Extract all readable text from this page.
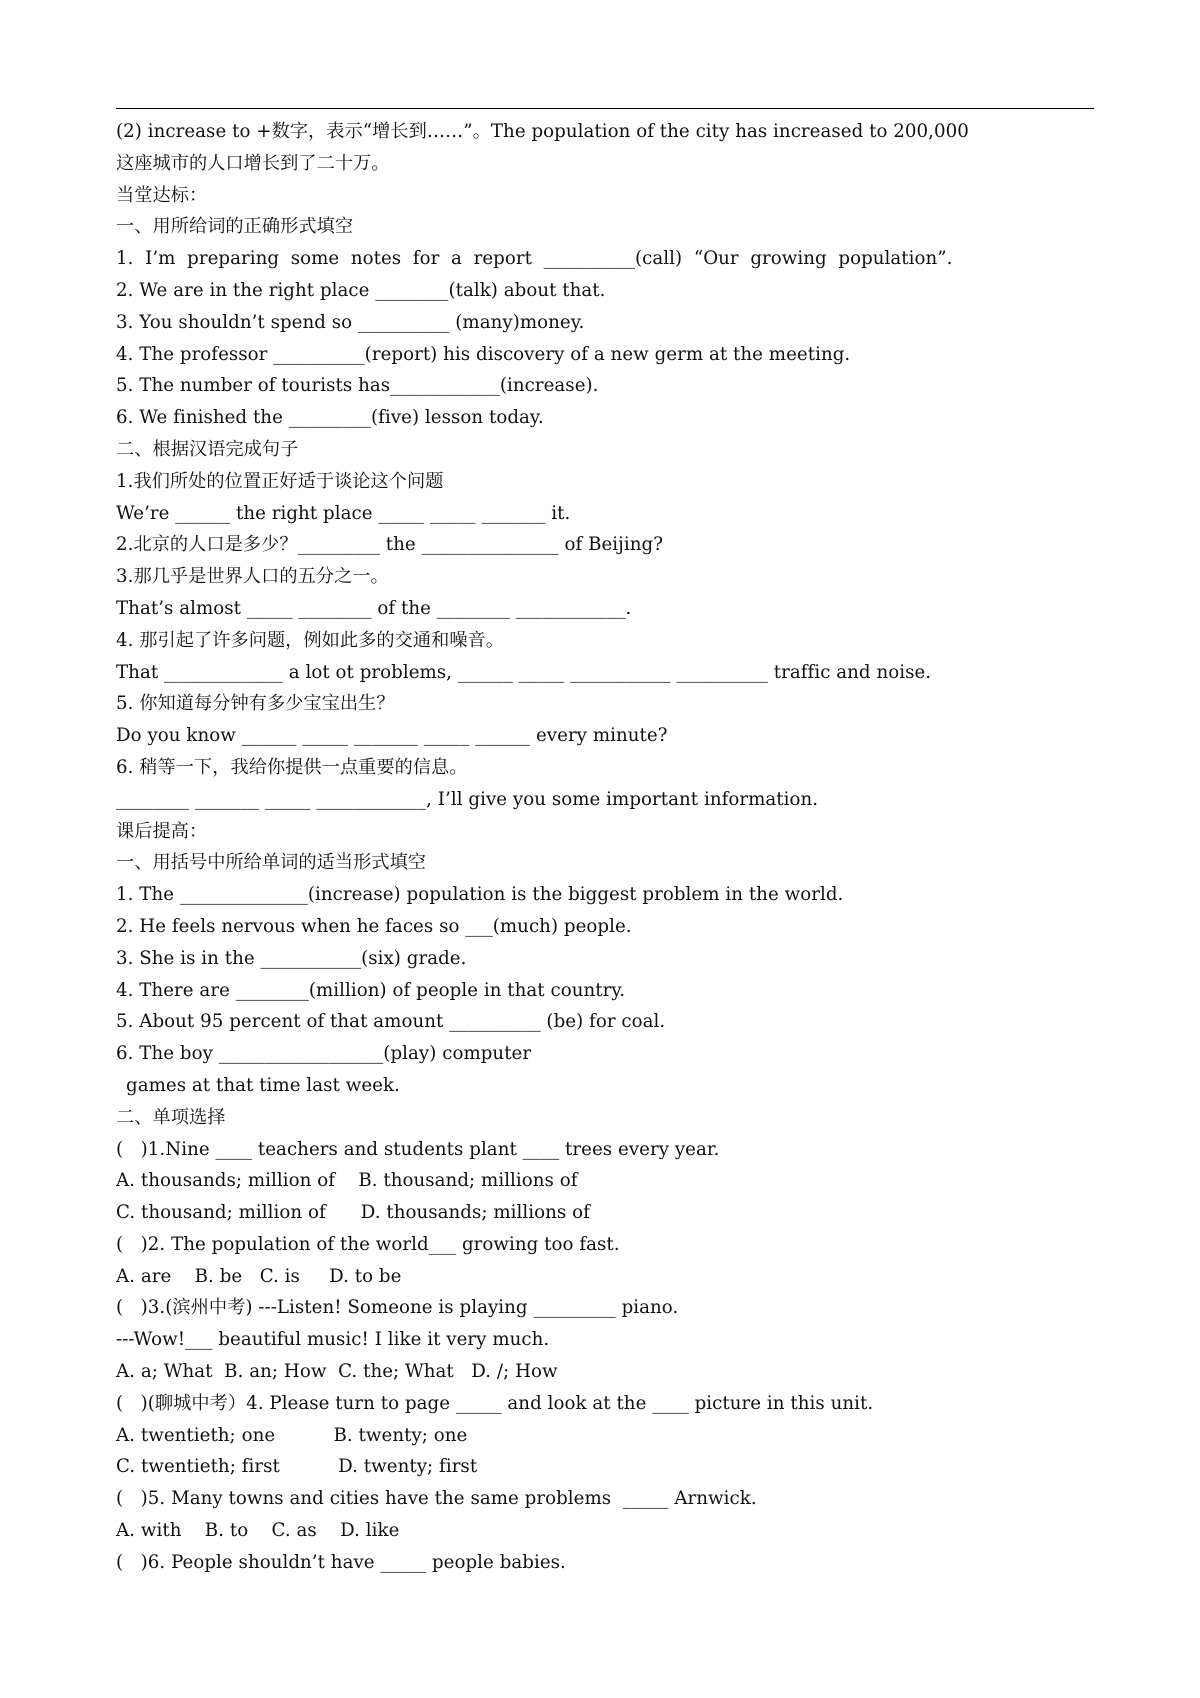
(2) increase to +数字，表示“增长到……”。The population of the city has increased to 200,000
这座城市的人口增长到了二十万。
当堂达标：
一、用所给词的正确形式填空
1.  I’m  preparing  some  notes  for  a  report  __________(call)  “Our  growing  population”.
2. We are in the right place ________(talk) about that.
3. You shouldn’t spend so __________ (many)money.
4. The professor __________(report) his discovery of a new germ at the meeting.
5. The number of tourists has____________(increase).
6. We finished the _________(five) lesson today.
二、根据汉语完成句子
1.我们所处的位置正好适于谈论这个问题
We’re ______ the right place _____ _____ _______ it.
2.北京的人口是多少？_________ the _______________ of Beijing?
3.那几乎是世界人口的五分之一。
That’s almost _____ ________ of the ________ ____________.
4. 那引起了许多问题，例如此多的交通和噪音。
That _____________ a lot ot problems, ______ _____ ___________ __________ traffic and noise.
5. 你知道每分钟有多少宝宝出生？
Do you know ______ _____ _______ _____ ______ every minute?
6. 稍等一下，我给你提供一点重要的信息。
________ _______ _____ ____________, I’ll give you some important information.
课后提高：
一、用括号中所给单词的适当形式填空
1. The ______________(increase) population is the biggest problem in the world.
2. He feels nervous when he faces so ___(much) people.
3. She is in the ___________(six) grade.
4. There are ________(million) of people in that country.
5. About 95 percent of that amount __________ (be) for coal.
6. The boy __________________(play) computer
games at that time last week.
二、单项选择
(   )1.Nine ____ teachers and students plant ____ trees every year.
A. thousands; million of    B. thousand; millions of
C. thousand; million of      D. thousands; millions of
(   )2. The population of the world___ growing too fast.
A. are    B. be   C. is     D. to be
(   )3.(滨州中考) ---Listen! Someone is playing _________ piano.
---Wow!___ beautiful music! I like it very much.
A. a; What  B. an; How  C. the; What   D. /; How
(   )(聊城中考）4. Please turn to page _____ and look at the ____ picture in this unit.
A. twentieth; one          B. twenty; one
C. twentieth; first          D. twenty; first
(   )5. Many towns and cities have the same problems  _____ Arnwick.
A. with    B. to    C. as    D. like
(   )6. People shouldn’t have _____ people babies.
